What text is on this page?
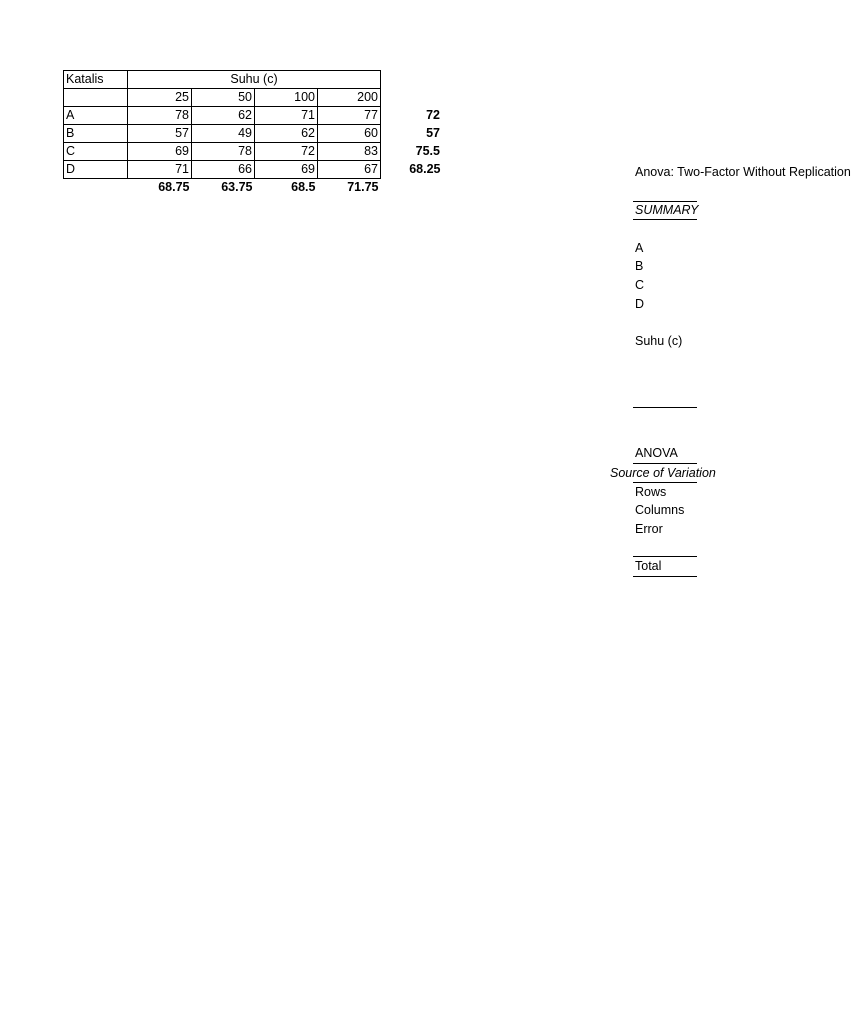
Katalis	Suhu (c)				
	25	50	100	200	
A	78	62	71	77	72
B	57	49	62	60	57
C	69	78	72	83	75.5
D	71	66	69	67	68.25
	68.75	63.75	68.5	71.75	
Anova: Two-Factor Without Replication
SUMMARY
A
B
C
D
Suhu (c)
ANOVA
Source of Variation
Rows
Columns
Error
Total
